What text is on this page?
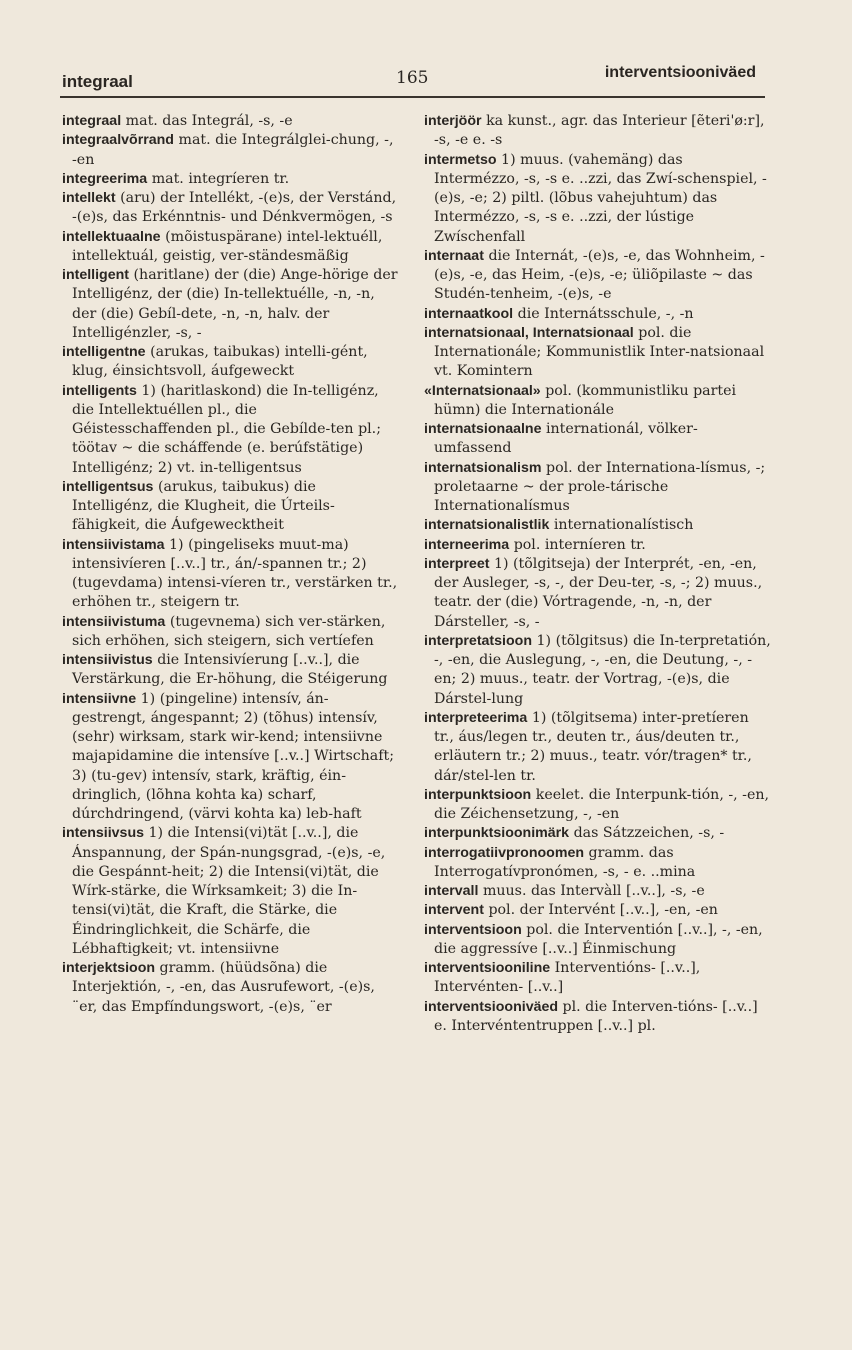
integraal	165	interventsiooniväed

integraal mat. das Integrál, -s, -e

integraalvõrrand mat. die Integrálglei-chung, -, -en

integreerima mat. integríeren tr.

intellekt (aru) der Intellékt, -(e)s, der Verstánd, -(e)s, das Erkénntnis- und Dénkvermögen, -s

intellektuaalne (mõistuspärane) intel-lektuéll, intellektuál, geistig, ver-ständesmäßig

intelligent (haritlane) der (die) Ange-hörige der Intelligénz, der (die) In-tellektuélle, -n, -n, der (die) Gebíl-dete, -n, -n, halv. der Intelligénzler, -s, -

intelligentne (arukas, taibukas) intelli-gént, klug, éinsichtsvoll, áufgeweckt

intelligents 1) (haritlaskond) die In-telligénz, die Intellektuéllen pl., die Géistesschaffenden pl., die Gebílde-ten pl.; töötav ~ die scháffende (e. berúfstätige) Intelligénz; 2) vt. in-telligentsus

intelligentsus (arukus, taibukus) die Intelligénz, die Klugheit, die Úrteils-fähigkeit, die Áufgewecktheit

intensiivistama 1) (pingeliseks muut-ma) intensivíeren [..v..] tr., án/-spannen tr.; 2) (tugevdama) intensi-víeren tr., verstärken tr., erhöhen tr., steigern tr.

intensiivistuma (tugevnema) sich ver-stärken, sich erhöhen, sich steigern, sich vertíefen

intensiivistus die Intensivíerung [..v..], die Verstärkung, die Er-höhung, die Stéigerung

intensiivne 1) (pingeline) intensív, án-gestrengt, ángespannt; 2) (tõhus) intensív, (sehr) wirksam, stark wir-kend; intensiivne majapidamine die intensíve [..v..] Wirtschaft; 3) (tu-gev) intensív, stark, kräftig, éin-dringlich, (lõhna kohta ka) scharf, dúrchdringend, (värvi kohta ka) leb-haft

intensiivsus 1) die Intensi(vi)tät [..v..], die Ánspannung, der Spán-nungsgrad, -(e)s, -e, die Gespánnt-heit; 2) die Intensi(vi)tät, die Wírk-stärke, die Wírksamkeit; 3) die In-tensi(vi)tät, die Kraft, die Stärke, die Éindringlichkeit, die Schärfe, die Lébhaftigkeit; vt. intensiivne

interjektsioon gramm. (hüüdsõna) die Interjektión, -, -en, das Ausrufewort, -(e)s, ¨er, das Empfíndungswort, -(e)s, ¨er

interjöör ka kunst., agr. das Interieur [ẽteri'ø:r], -s, -e e. -s

intermetso 1) muus. (vahemäng) das Intermézzo, -s, -s e. ..zzi, das Zwí-schenspiel, -(e)s, -e; 2) piltl. (lõbus vahejuhtum) das Intermézzo, -s, -s e. ..zzi, der lústige Zwíschenfall

internaat die Internát, -(e)s, -e, das Wohnheim, -(e)s, -e, das Heim, -(e)s, -e; üliõpilaste ~ das Studén-tenheim, -(e)s, -e

internaatkool die Internátsschule, -, -n

internatsionaal, Internatsionaal pol. die Internationále; Kommunistlik Inter-natsionaal vt. Komintern

«Internatsionaal» pol. (kommunistliku partei hümn) die Internationále

internatsionaalne internationál, völker-umfassend

internatsionalism pol. der Internationa-lísmus, -; proletaarne ~ der prole-tárische Internationalísmus

internatsionalistlik internationalístisch

interneerima pol. interníeren tr.

interpreet 1) (tõlgitseja) der Interprét, -en, -en, der Ausleger, -s, -, der Deu-ter, -s, -; 2) muus., teatr. der (die) Vórtragende, -n, -n, der Dársteller, -s, -

interpretatsioon 1) (tõlgitsus) die In-terpretatión, -, -en, die Auslegung, -, -en, die Deutung, -, -en; 2) muus., teatr. der Vortrag, -(e)s, die Dárstel-lung

interpreteerima 1) (tõlgitsema) inter-pretíeren tr., áus/legen tr., deuten tr., áus/deuten tr., erläutern tr.; 2) muus., teatr. vór/tragen* tr., dár/stel-len tr.

interpunktsioon keelet. die Interpunk-tión, -, -en, die Zéichensetzung, -, -en

interpunktsioonimärk das Sátzzeichen, -s, -

interrogatiivpronoomen gramm. das Interrogatívpronómen, -s, - e. ..mina

intervall muus. das Intervàll [..v..], -s, -e

intervent pol. der Intervént [..v..], -en, -en

interventsioon pol. die Interventión [..v..], -, -en, die aggressíve [..v..] Éinmischung

interventsiooniline Interventións- [..v..], Intervénten- [..v..]

interventsiooniväed pl. die Interven-tións- [..v..] e. Intervéntentruppen [..v..] pl.
